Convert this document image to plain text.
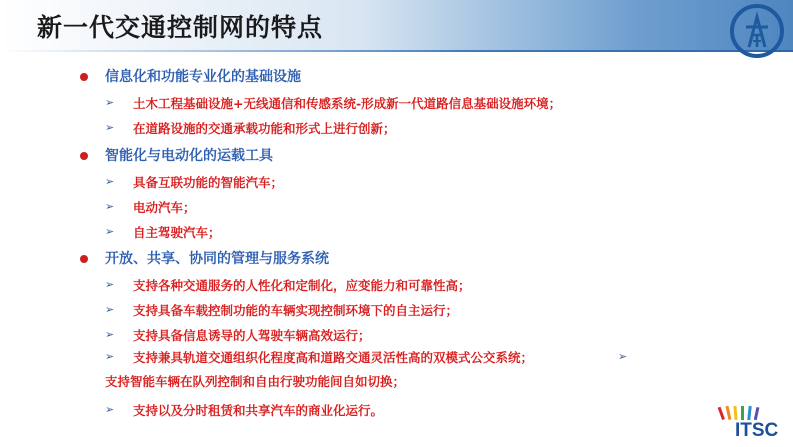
新一代交通控制网的特点
信息化和功能专业化的基础设施
➢ 土木工程基础设施+无线通信和传感系统-形成新一代道路信息基础设施环境；
➢ 在道路设施的交通承载功能和形式上进行创新；
智能化与电动化的运载工具
➢ 具备互联功能的智能汽车；
➢ 电动汽车；
➢ 自主驾驶汽车；
开放、共享、协同的管理与服务系统
➢ 支持各种交通服务的人性化和定制化，应变能力和可靠性高；
➢ 支持具备车载控制功能的车辆实现控制环境下的自主运行；
➢ 支持具备信息诱导的人驾驶车辆高效运行；
➢ 支持兼具轨道交通组织化程度高和道路交通灵活性高的双模式公交系统；	➢
支持智能车辆在队列控制和自由行驶功能间自如切换；
➢ 支持以及分时租赁和共享汽车的商业化运行。
ITSC
